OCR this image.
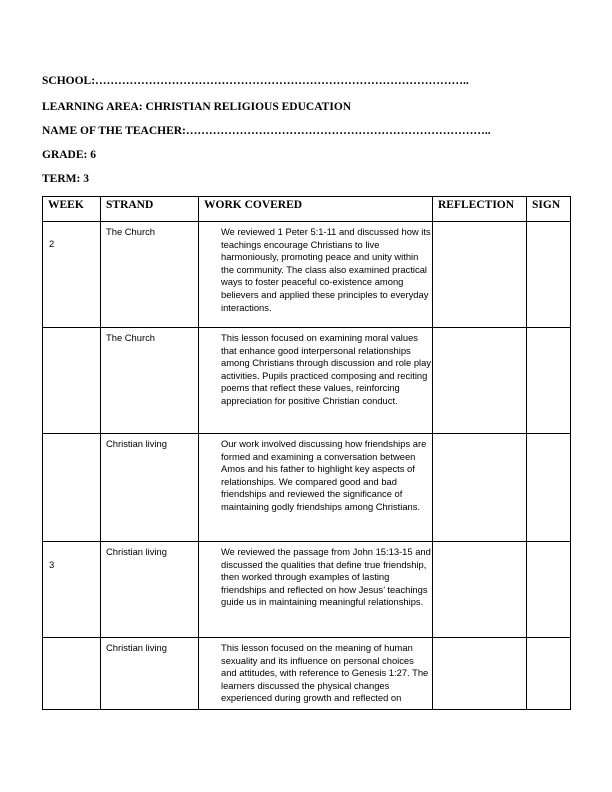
SCHOOL:……………………………………………………………………………………..
LEARNING AREA: CHRISTIAN RELIGIOUS EDUCATION
NAME OF THE TEACHER:……………………………………………………………………..
GRADE: 6
TERM: 3
WEEK	STRAND	WORK COVERED	REFLECTION	SIGN
2	The Church	We reviewed 1 Peter 5:1-11 and discussed how its teachings encourage Christians to live harmoniously, promoting peace and unity within the community. The class also examined practical ways to foster peaceful co-existence among believers and applied these principles to everyday interactions.		

	The Church	This lesson focused on examining moral values that enhance good interpersonal relationships among Christians through discussion and role play activities. Pupils practiced composing and reciting poems that reflect these values, reinforcing appreciation for positive Christian conduct.		

	Christian living	Our work involved discussing how friendships are formed and examining a conversation between Amos and his father to highlight key aspects of relationships. We compared good and bad friendships and reviewed the significance of maintaining godly friendships among Christians.		

3	Christian living	We reviewed the passage from John 15:13-15 and discussed the qualities that define true friendship, then worked through examples of lasting friendships and reflected on how Jesus’ teachings guide us in maintaining meaningful relationships.		

	Christian living	This lesson focused on the meaning of human sexuality and its influence on personal choices and attitudes, with reference to Genesis 1:27. The learners discussed the physical changes experienced during growth and reflected on		
